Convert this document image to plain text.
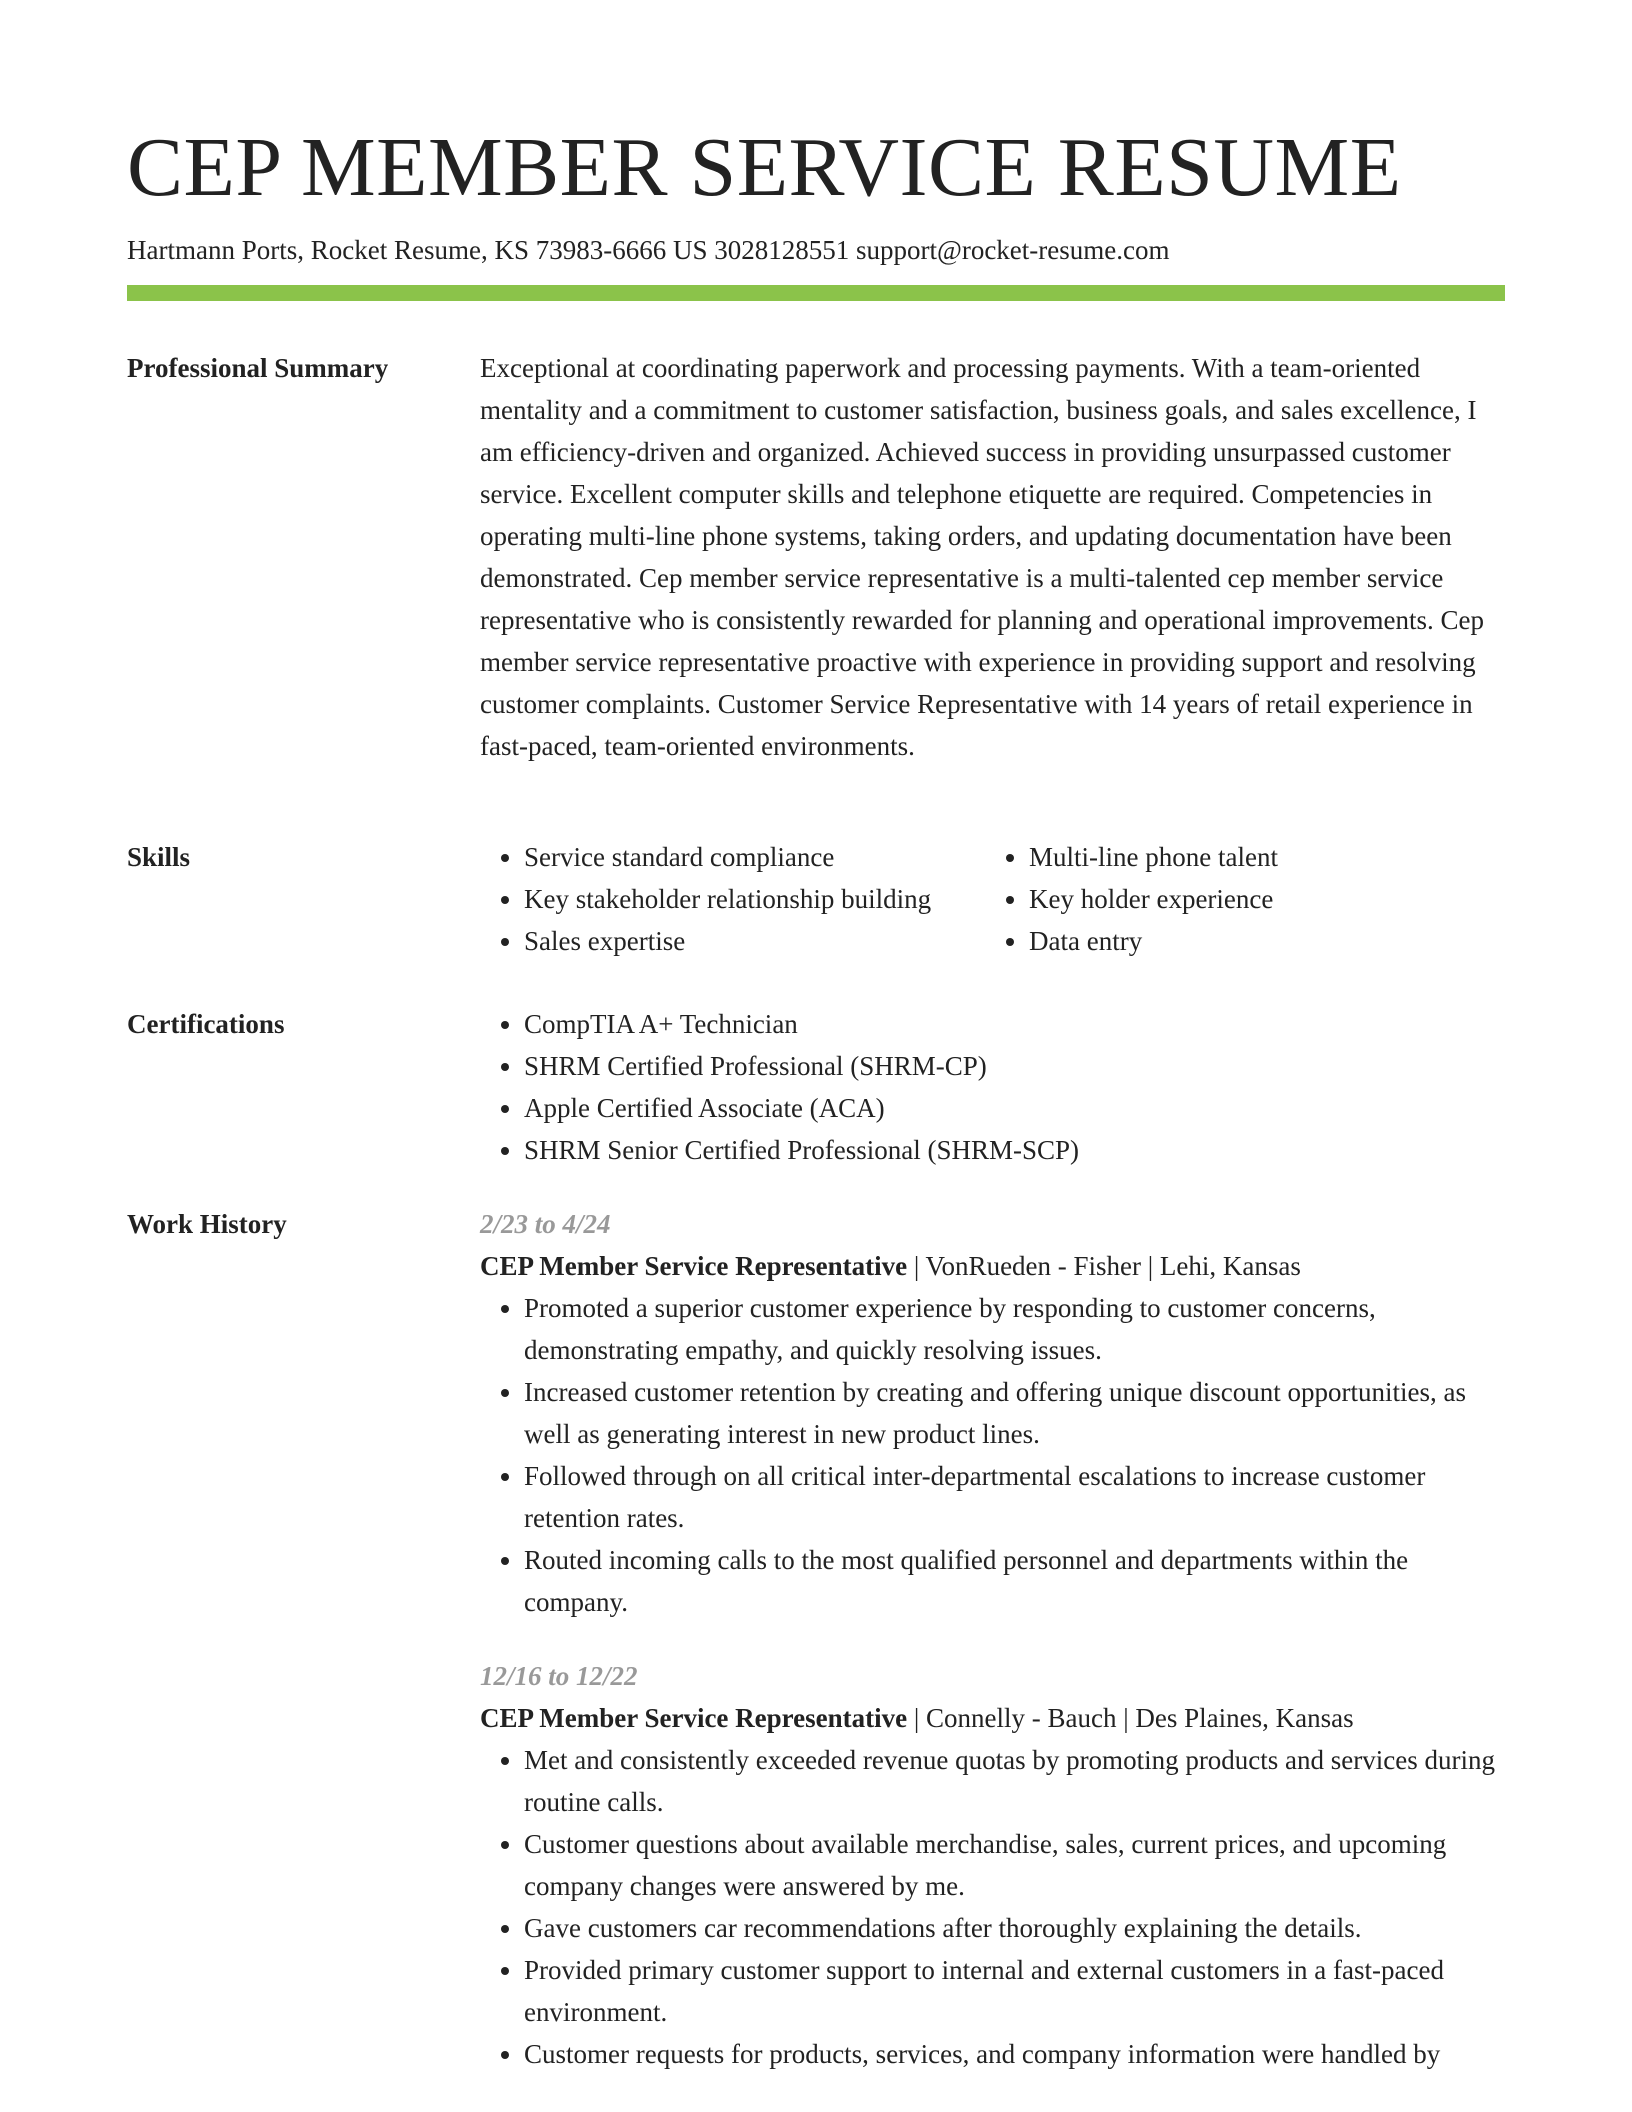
CEP MEMBER SERVICE RESUME
Hartmann Ports, Rocket Resume, KS 73983-6666 US 3028128551 support@rocket-resume.com
Professional Summary	Exceptional at coordinating paperwork and processing payments. With a team-oriented mentality and a commitment to customer satisfaction, business goals, and sales excellence, I am efficiency-driven and organized. Achieved success in providing unsurpassed customer service. Excellent computer skills and telephone etiquette are required. Competencies in operating multi-line phone systems, taking orders, and updating documentation have been demonstrated. Cep member service representative is a multi-talented cep member service representative who is consistently rewarded for planning and operational improvements. Cep member service representative proactive with experience in providing support and resolving customer complaints. Customer Service Representative with 14 years of retail experience in fast-paced, team-oriented environments.

Skills	• Service standard compliance
• Key stakeholder relationship building
• Sales expertise
• Multi-line phone talent
• Key holder experience
• Data entry
Certifications	• CompTIA A+ Technician
• SHRM Certified Professional (SHRM-CP)
• Apple Certified Associate (ACA)
• SHRM Senior Certified Professional (SHRM-SCP)
Work History	2/23 to 4/24
CEP Member Service Representative | VonRueden - Fisher | Lehi, Kansas
• Promoted a superior customer experience by responding to customer concerns, demonstrating empathy, and quickly resolving issues.
• Increased customer retention by creating and offering unique discount opportunities, as well as generating interest in new product lines.
• Followed through on all critical inter-departmental escalations to increase customer retention rates.
• Routed incoming calls to the most qualified personnel and departments within the company.
12/16 to 12/22
CEP Member Service Representative | Connelly - Bauch | Des Plaines, Kansas
• Met and consistently exceeded revenue quotas by promoting products and services during routine calls.
• Customer questions about available merchandise, sales, current prices, and upcoming company changes were answered by me.
• Gave customers car recommendations after thoroughly explaining the details.
• Provided primary customer support to internal and external customers in a fast-paced environment.
• Customer requests for products, services, and company information were handled by
